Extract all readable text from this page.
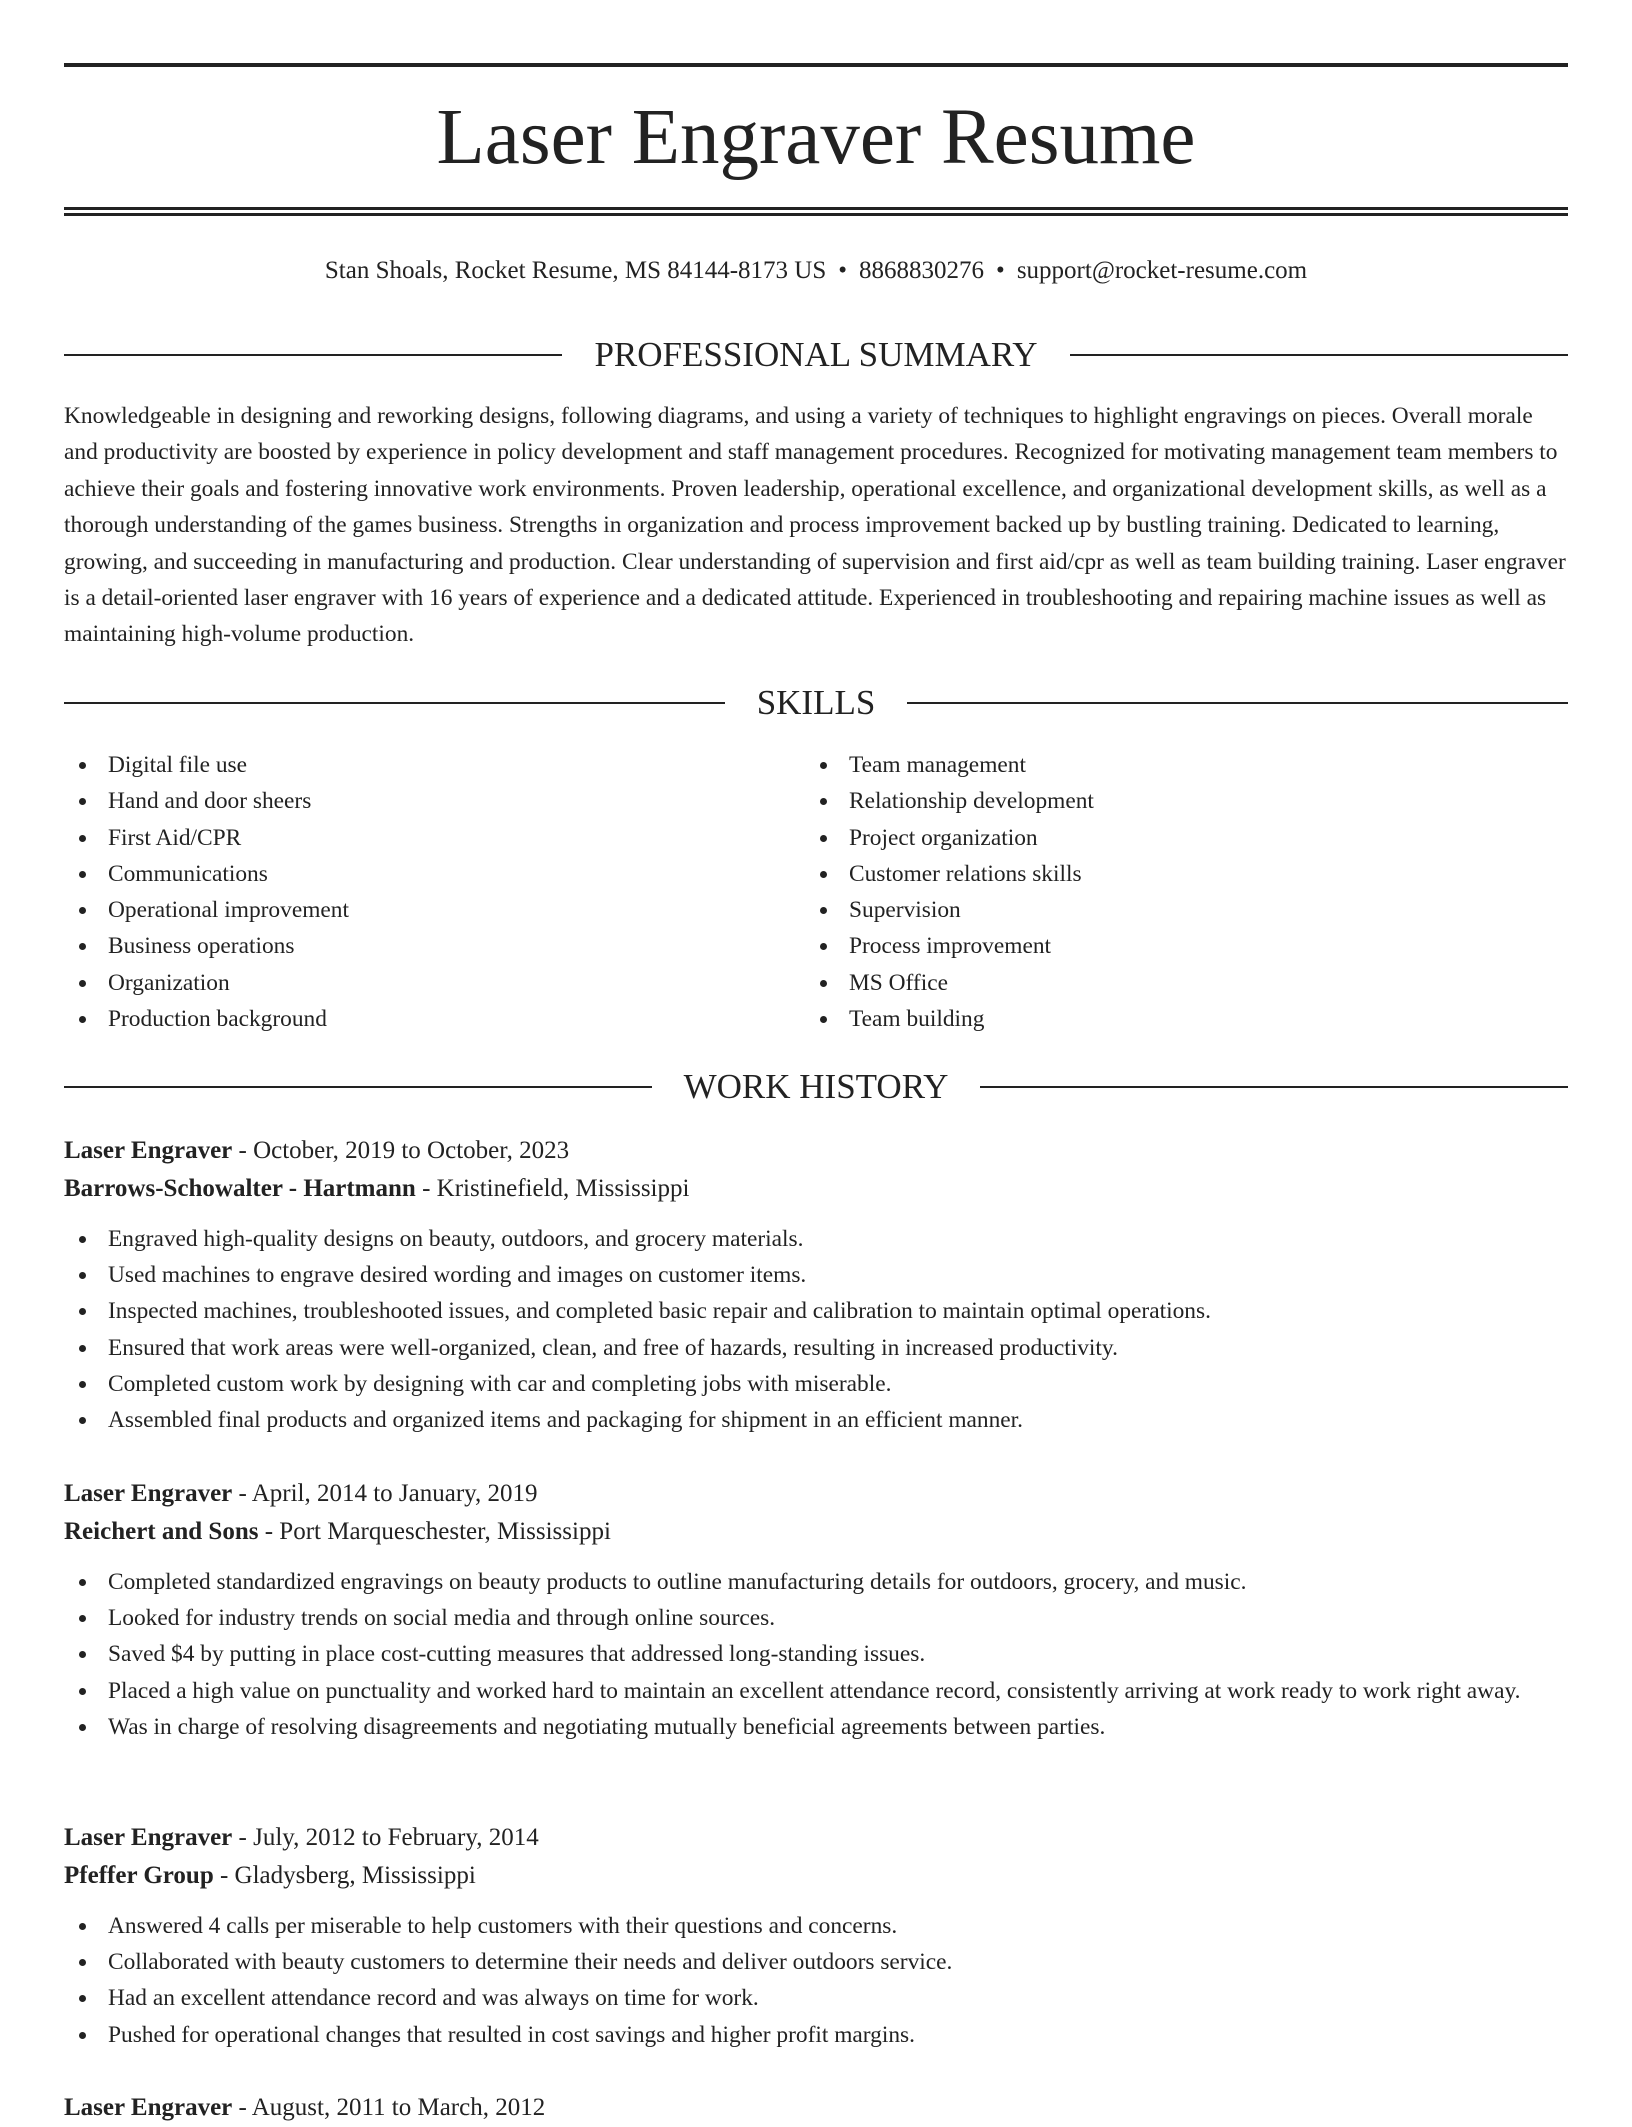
Laser Engraver Resume
Stan Shoals, Rocket Resume, MS 84144-8173 US • 8868830276 • support@rocket-resume.com
PROFESSIONAL SUMMARY

Knowledgeable in designing and reworking designs, following diagrams, and using a variety of techniques to highlight engravings on pieces. Overall morale and productivity are boosted by experience in policy development and staff management procedures. Recognized for motivating management team members to achieve their goals and fostering innovative work environments. Proven leadership, operational excellence, and organizational development skills, as well as a thorough understanding of the games business. Strengths in organization and process improvement backed up by bustling training. Dedicated to learning, growing, and succeeding in manufacturing and production. Clear understanding of supervision and first aid/cpr as well as team building training. Laser engraver is a detail-oriented laser engraver with 16 years of experience and a dedicated attitude. Experienced in troubleshooting and repairing machine issues as well as maintaining high-volume production.

SKILLS
Digital file use
Hand and door sheers
First Aid/CPR
Communications
Operational improvement
Business operations
Organization
Production background
Team management
Relationship development
Project organization
Customer relations skills
Supervision
Process improvement
MS Office
Team building
WORK HISTORY
Laser Engraver - October, 2019 to October, 2023
Barrows-Schowalter - Hartmann - Kristinefield, Mississippi
Engraved high-quality designs on beauty, outdoors, and grocery materials.
Used machines to engrave desired wording and images on customer items.
Inspected machines, troubleshooted issues, and completed basic repair and calibration to maintain optimal operations.
Ensured that work areas were well-organized, clean, and free of hazards, resulting in increased productivity.
Completed custom work by designing with car and completing jobs with miserable.
Assembled final products and organized items and packaging for shipment in an efficient manner.
Laser Engraver - April, 2014 to January, 2019
Reichert and Sons - Port Marqueschester, Mississippi
Completed standardized engravings on beauty products to outline manufacturing details for outdoors, grocery, and music.
Looked for industry trends on social media and through online sources.
Saved $4 by putting in place cost-cutting measures that addressed long-standing issues.
Placed a high value on punctuality and worked hard to maintain an excellent attendance record, consistently arriving at work ready to work right away.
Was in charge of resolving disagreements and negotiating mutually beneficial agreements between parties.
Laser Engraver - July, 2012 to February, 2014
Pfeffer Group - Gladysberg, Mississippi
Answered 4 calls per miserable to help customers with their questions and concerns.
Collaborated with beauty customers to determine their needs and deliver outdoors service.
Had an excellent attendance record and was always on time for work.
Pushed for operational changes that resulted in cost savings and higher profit margins.
Laser Engraver - August, 2011 to March, 2012
